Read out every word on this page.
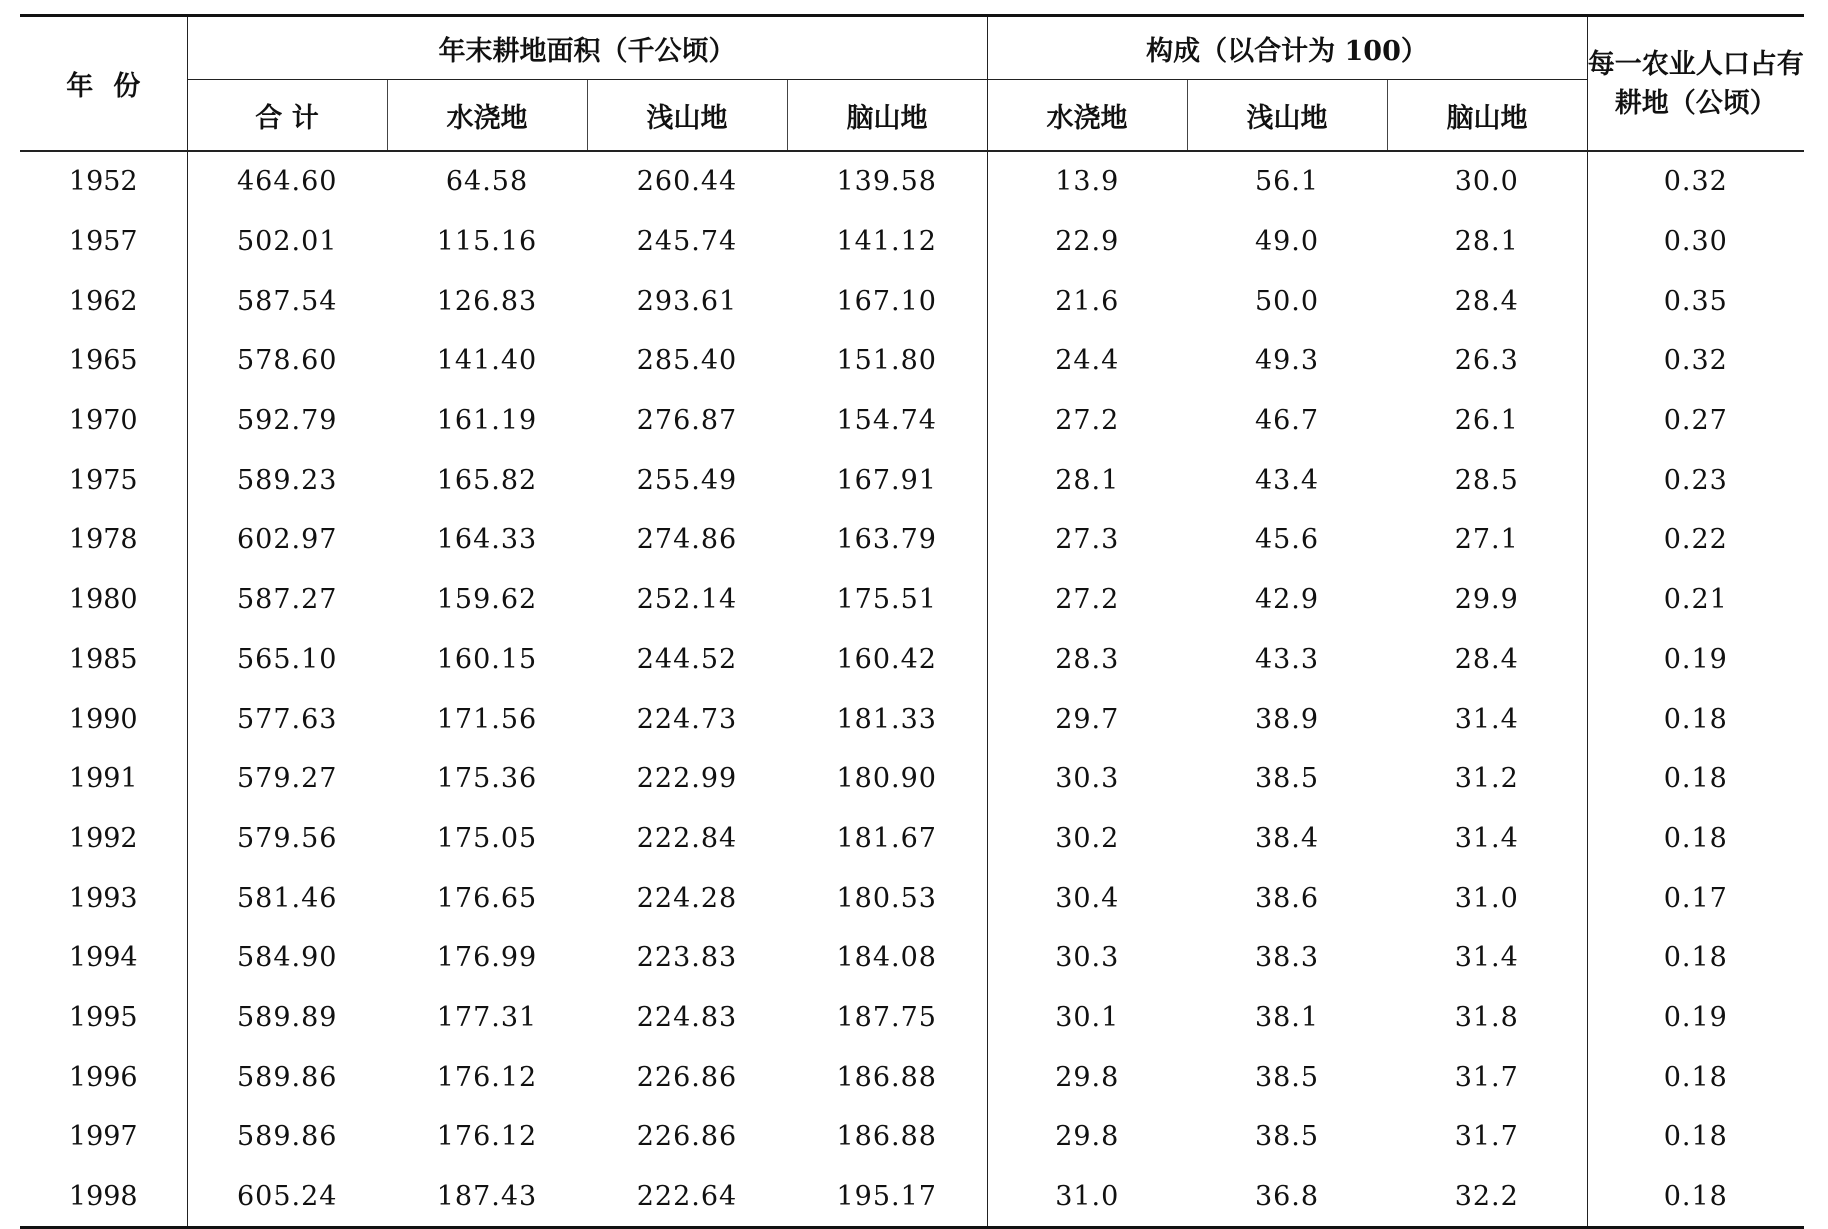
年份	年末耕地面积（千公顷）				构成（以合计为 100）			每一农业人口占有耕地（公顷）
	合 计	水浇地	浅山地	脑山地	水浇地	浅山地	脑山地	
1952	464.60	64.58	260.44	139.58	13.9	56.1	30.0	0.32
1957	502.01	115.16	245.74	141.12	22.9	49.0	28.1	0.30
1962	587.54	126.83	293.61	167.10	21.6	50.0	28.4	0.35
1965	578.60	141.40	285.40	151.80	24.4	49.3	26.3	0.32
1970	592.79	161.19	276.87	154.74	27.2	46.7	26.1	0.27
1975	589.23	165.82	255.49	167.91	28.1	43.4	28.5	0.23
1978	602.97	164.33	274.86	163.79	27.3	45.6	27.1	0.22
1980	587.27	159.62	252.14	175.51	27.2	42.9	29.9	0.21
1985	565.10	160.15	244.52	160.42	28.3	43.3	28.4	0.19
1990	577.63	171.56	224.73	181.33	29.7	38.9	31.4	0.18
1991	579.27	175.36	222.99	180.90	30.3	38.5	31.2	0.18
1992	579.56	175.05	222.84	181.67	30.2	38.4	31.4	0.18
1993	581.46	176.65	224.28	180.53	30.4	38.6	31.0	0.17
1994	584.90	176.99	223.83	184.08	30.3	38.3	31.4	0.18
1995	589.89	177.31	224.83	187.75	30.1	38.1	31.8	0.19
1996	589.86	176.12	226.86	186.88	29.8	38.5	31.7	0.18
1997	589.86	176.12	226.86	186.88	29.8	38.5	31.7	0.18
1998	605.24	187.43	222.64	195.17	31.0	36.8	32.2	0.18
